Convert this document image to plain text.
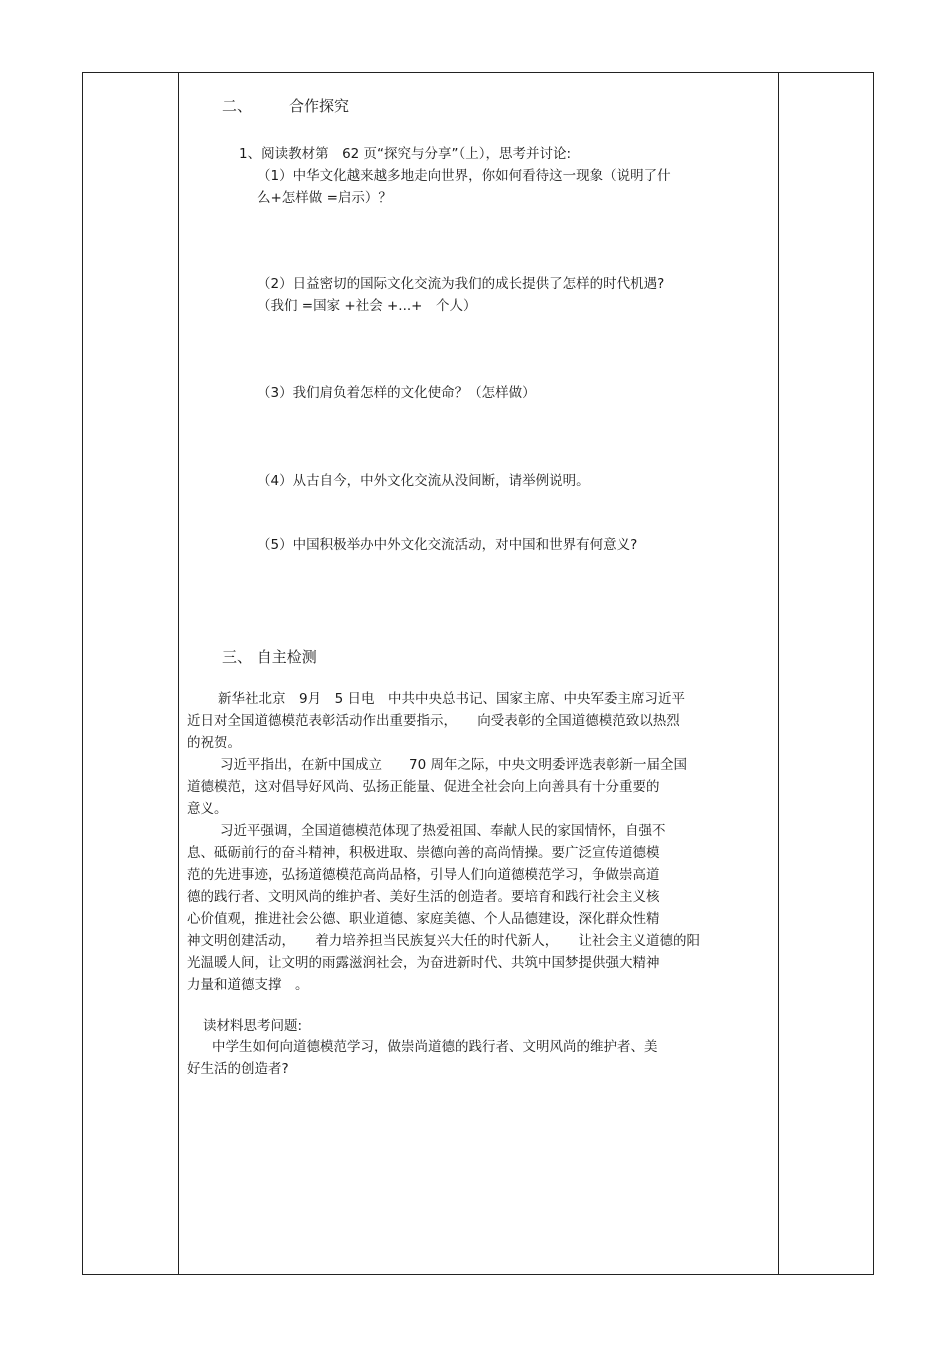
二、 合作探究
1、阅读教材第　62 页“探究与分享”（上），思考并讨论:
（1）中华文化越来越多地走向世界，你如何看待这一现象（说明了什
么+怎样做 =启示）？
（2）日益密切的国际文化交流为我们的成长提供了怎样的时代机遇?
（我们 =国家 +社会 +...+　个人）
（3）我们肩负着怎样的文化使命？（怎样做）
（4）从古自今，中外文化交流从没间断，请举例说明。
（5）中国积极举办中外文化交流活动，对中国和世界有何意义?
三、 自主检测
新华社北京　9月　5 日电　中共中央总书记、国家主席、中央军委主席习近平
近日对全国道德模范表彰活动作出重要指示，　　向受表彰的全国道德模范致以热烈
的祝贺。
习近平指出，在新中国成立　　70 周年之际，中央文明委评选表彰新一届全国
道德模范，这对倡导好风尚、弘扬正能量、促进全社会向上向善具有十分重要的
意义。
习近平强调，全国道德模范体现了热爱祖国、奉献人民的家国情怀，自强不
息、砥砺前行的奋斗精神，积极进取、崇德向善的高尚情操。要广泛宣传道德模
范的先进事迹，弘扬道德模范高尚品格，引导人们向道德模范学习，争做崇高道
德的践行者、文明风尚的维护者、美好生活的创造者。要培育和践行社会主义核
心价值观，推进社会公德、职业道德、家庭美德、个人品德建设，深化群众性精
神文明创建活动，　　着力培养担当民族复兴大任的时代新人，　　让社会主义道德的阳
光温暖人间，让文明的雨露滋润社会，为奋进新时代、共筑中国梦提供强大精神
力量和道德支撑　。
读材料思考问题:
中学生如何向道德模范学习，做崇尚道德的践行者、文明风尚的维护者、美
好生活的创造者?
